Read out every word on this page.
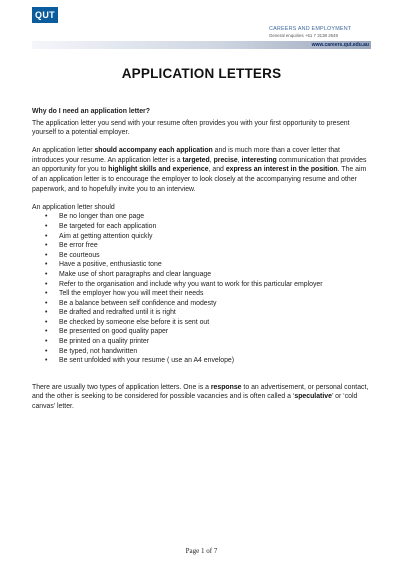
QUT
CAREERS AND EMPLOYMENT
General enquiries +61 7 3138 2649
www.careers.qut.edu.au
APPLICATION LETTERS

Why do I need an application letter?

The application letter you send with your resume often provides you with your first opportunity to present yourself to a potential employer.

An application letter should accompany each application and is much more than a cover letter that introduces your resume. An application letter is a targeted, precise, interesting communication that provides an opportunity for you to highlight skills and experience, and express an interest in the position. The aim of an application letter is to encourage the employer to look closely at the accompanying resume and other paperwork, and to hopefully invite you to an interview.

An application letter should

• Be no longer than one page
• Be targeted for each application
• Aim at getting attention quickly
• Be error free
• Be courteous
• Have a positive, enthusiastic tone
• Make use of short paragraphs and clear language
• Refer to the organisation and include why you want to work for this particular employer
• Tell the employer how you will meet their needs
• Be a balance between self confidence and modesty
• Be drafted and redrafted until it is right
• Be checked by someone else before it is sent out
• Be presented on good quality paper
• Be printed on a quality printer
• Be typed, not handwritten
• Be sent unfolded with your resume ( use an A4 envelope)

There are usually two types of application letters. One is a response to an advertisement, or personal contact, and the other is seeking to be considered for possible vacancies and is often called a ‘speculative’ or ‘cold canvas’ letter.

Page 1 of 7
